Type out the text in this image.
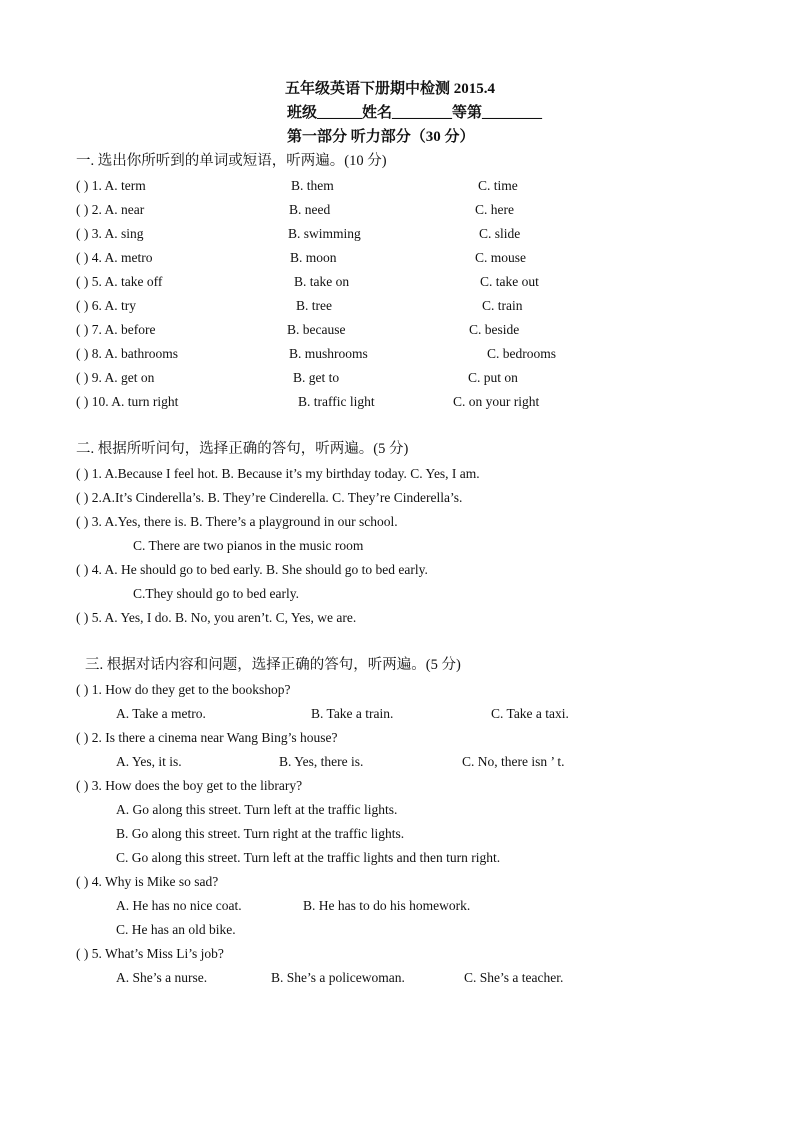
五年级英语下册期中检测 2015.4
班级______姓名________等第________
第一部分 听力部分（30 分）
一. 选出你所听到的单词或短语，听两遍。(10 分)
( ) 1. A. term	B. them	C. time
( ) 2. A. near	B. need	C. here
( ) 3. A. sing	B. swimming	C. slide
( ) 4. A. metro	B. moon	C. mouse
( ) 5. A. take off	B. take on	C. take out
( ) 6. A. try	B. tree	C. train
( ) 7. A. before	B. because	C. beside
( ) 8. A. bathrooms	B. mushrooms	C. bedrooms
( ) 9. A. get on	B. get to	C. put on
( ) 10. A. turn right	B. traffic light	C. on your right
二. 根据所听问句，选择正确的答句，听两遍。(5 分)
( ) 1. A.Because I feel hot. B. Because it’s my birthday today. C. Yes, I am.
( ) 2.A.It’s Cinderella’s. B. They’re Cinderella. C. They’re Cinderella’s.
( ) 3. A.Yes, there is. B. There’s a playground in our school.
C. There are two pianos in the music room
( ) 4. A. He should go to bed early. B. She should go to bed early.
C.They should go to bed early.
( ) 5. A. Yes, I do. B. No, you aren’t. C, Yes, we are.
三. 根据对话内容和问题，选择正确的答句，听两遍。(5 分)
( ) 1. How do they get to the bookshop?
A. Take a metro.	B. Take a train.	C. Take a taxi.
( ) 2. Is there a cinema near Wang Bing’s house?
A. Yes, it is.	B. Yes, there is.	C. No, there isn ’ t.
( ) 3. How does the boy get to the library?
A. Go along this street. Turn left at the traffic lights.
B. Go along this street. Turn right at the traffic lights.
C. Go along this street. Turn left at the traffic lights and then turn right.
( ) 4. Why is Mike so sad?
A. He has no nice coat.	B. He has to do his homework.
C. He has an old bike.
( ) 5. What’s Miss Li’s job?
A. She’s a nurse.	B. She’s a policewoman.	C. She’s a teacher.
